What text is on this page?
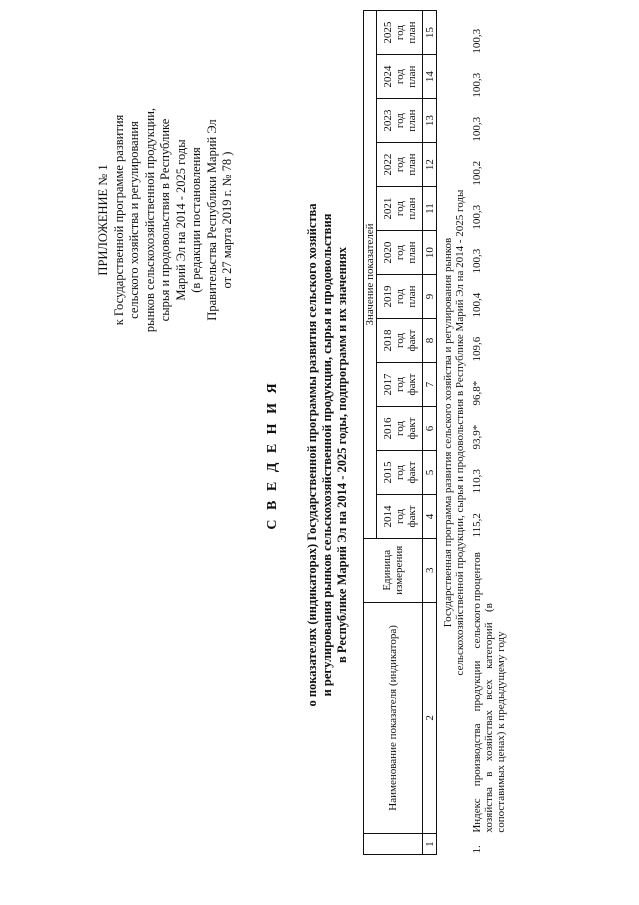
ПРИЛОЖЕНИЕ № 1 к Государственной программе развития сельского хозяйства и регулирования рынков сельскохозяйственной продукции, сырья и продовольствия в Республике Марий Эл на 2014 - 2025 годы (в редакции постановления Правительства Республики Марий Эл от 27 марта 2019 г. № 78 )
С В Е Д Е Н И Я о показателях (индикаторах) Государственной программы развития сельского хозяйства и регулирования рынков сельскохозяйственной продукции, сырья и продовольствия в Республике Марий Эл на 2014 - 2025 годы, подпрограмм и их значениях
	Наименование показателя (индикатора)	Единица измерения	Значение показателей											

			2014 год факт	2015 год факт	2016 год факт	2017 год факт	2018 год факт	2019 год план	2020 год план	2021 год план	2022 год план	2023 год план	2024 год план	2025 год план

1	2	3	4	5	6	7	8	9	10	11	12	13	14	15

Государственная программа развития сельского хозяйства и регулирования рынков сельскохозяйственной продукции, сырья и продовольствия в Республике Марий Эл на 2014 - 2025 годы														

1.	Индекс производства продукции сельского хозяйства в хозяйствах всех категорий (в сопоставимых ценах) к предыдущему году	процентов	115,2	110,3	93,9*	96,8*	109,6	100,4	100,3	100,3	100,2	100,3	100,3	100,3
